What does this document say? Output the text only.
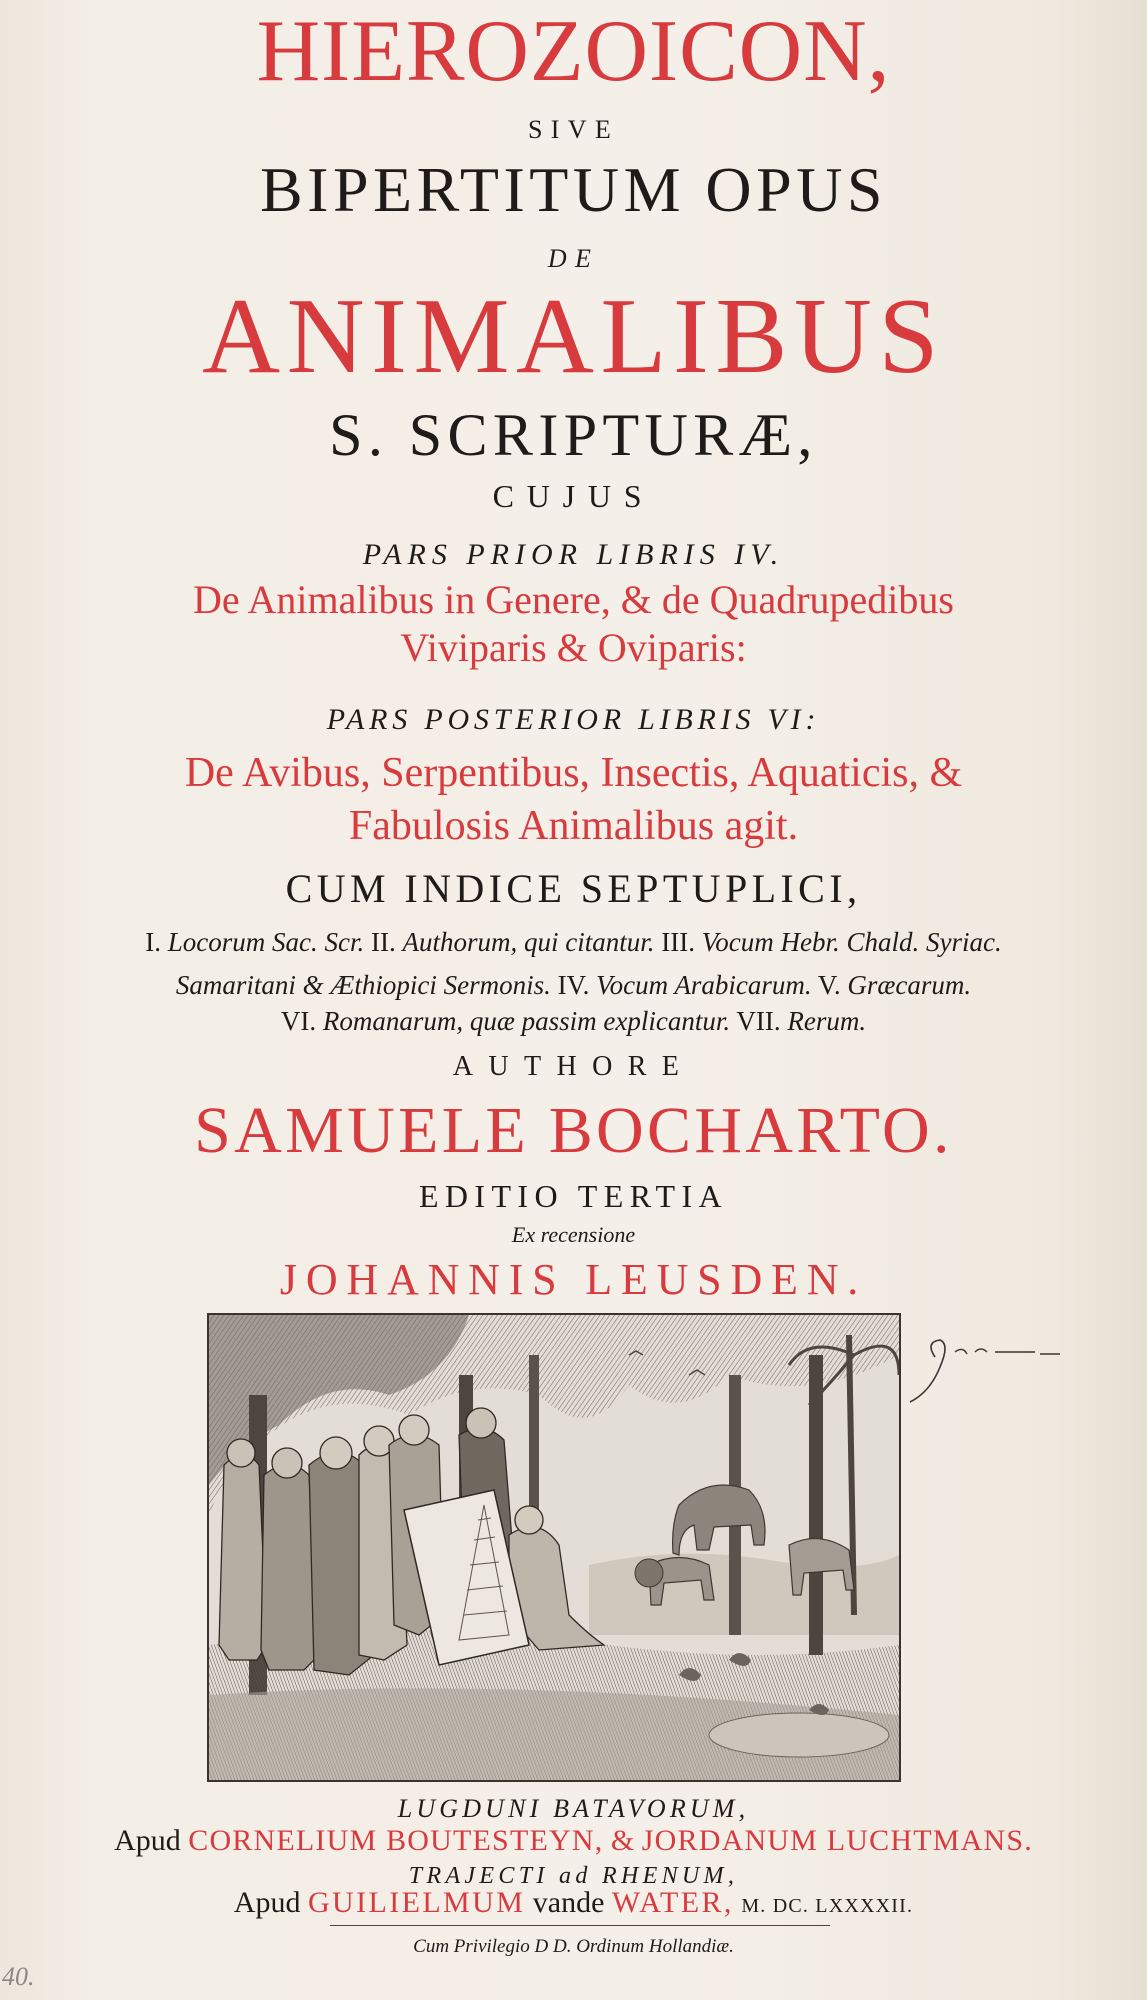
HIEROZOICON,
SIVE
BIPERTITUM OPUS
DE
ANIMALIBUS
S. SCRIPTURÆ,
CUJUS
PARS PRIOR LIBRIS IV.
De Animalibus in Genere, & de Quadrupedibus
Viviparis & Oviparis:
PARS POSTERIOR LIBRIS VI:
De Avibus, Serpentibus, Insectis, Aquaticis, &
Fabulosis Animalibus agit.
CUM INDICE SEPTUPLICI,
I. Locorum Sac. Scr. II. Authorum, qui citantur. III. Vocum Hebr. Chald. Syriac.
Samaritani & Æthiopici Sermonis. IV. Vocum Arabicarum. V. Græcarum.
VI. Romanarum, quæ passim explicantur. VII. Rerum.
AUTHORE
SAMUELE BOCHARTO.
EDITIO TERTIA
Ex recensione
JOHANNIS LEUSDEN.
LUGDUNI BATAVORUM,
Apud CORNELIUM BOUTESTEYN, & JORDANUM LUCHTMANS.
TRAJECTI ad RHENUM,
Apud GUILIELMUM vande WATER, M. DC. LXXXXII.
Cum Privilegio D D. Ordinum Hollandiæ.
40.
